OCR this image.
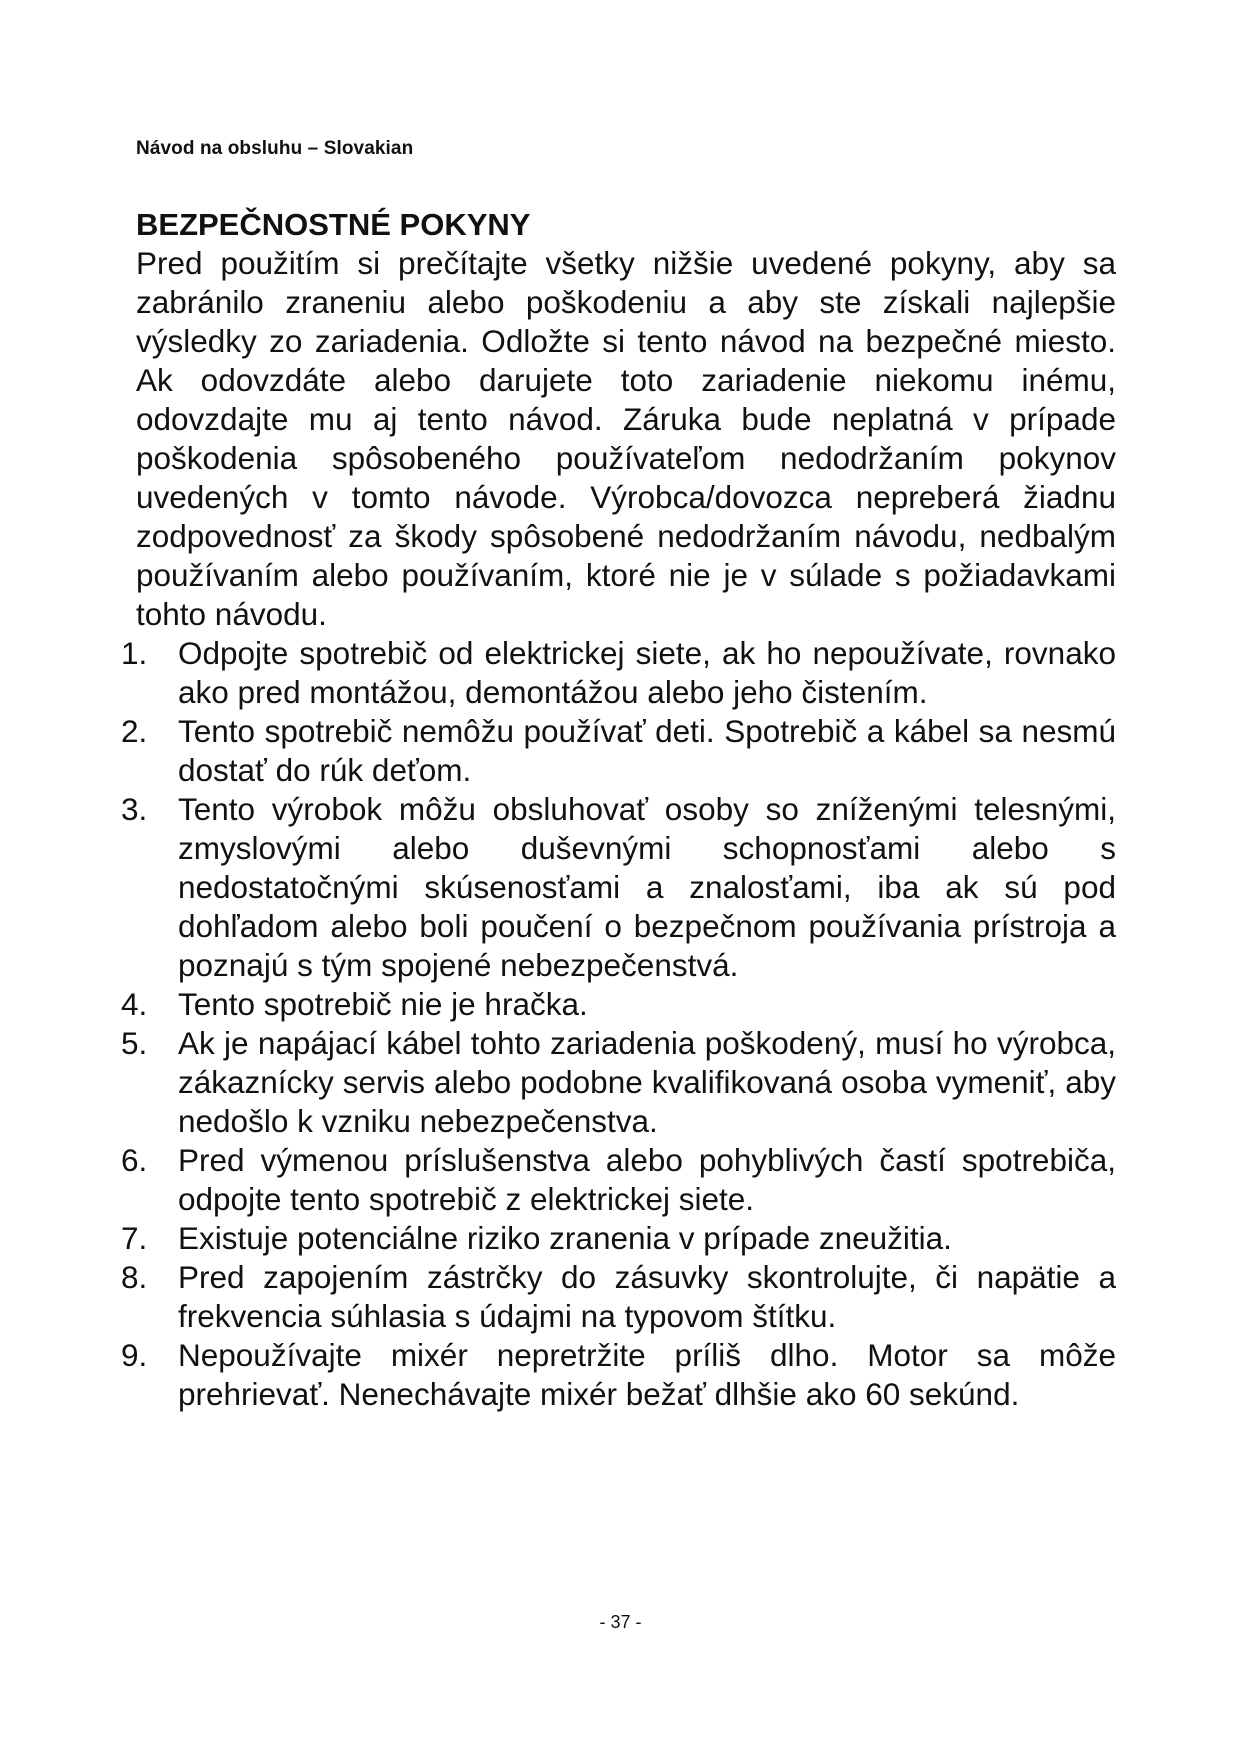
Návod na obsluhu – Slovakian
BEZPEČNOSTNÉ POKYNY

Pred použitím si prečítajte všetky nižšie uvedené pokyny, aby sa zabránilo zraneniu alebo poškodeniu a aby ste získali najlepšie výsledky zo zariadenia. Odložte si tento návod na bezpečné miesto. Ak odovzdáte alebo darujete toto zariadenie niekomu inému, odovzdajte mu aj tento návod. Záruka bude neplatná v prípade poškodenia spôsobeného používateľom nedodržaním pokynov uvedených v tomto návode. Výrobca/dovozca nepreberá žiadnu zodpovednosť za škody spôsobené nedodržaním návodu, nedbalým používaním alebo používaním, ktoré nie je v súlade s požiadavkami tohto návodu.

1. Odpojte spotrebič od elektrickej siete, ak ho nepoužívate, rovnako ako pred montážou, demontážou alebo jeho čistením.
2. Tento spotrebič nemôžu používať deti. Spotrebič a kábel sa nesmú dostať do rúk deťom.
3. Tento výrobok môžu obsluhovať osoby so zníženými telesnými, zmyslovými alebo duševnými schopnosťami alebo s nedostatočnými skúsenosťami a znalosťami, iba ak sú pod dohľadom alebo boli poučení o bezpečnom používania prístroja a poznajú s tým spojené nebezpečenstvá.
4. Tento spotrebič nie je hračka.
5. Ak je napájací kábel tohto zariadenia poškodený, musí ho výrobca, zákaznícky servis alebo podobne kvalifikovaná osoba vymeniť, aby nedošlo k vzniku nebezpečenstva.
6. Pred výmenou príslušenstva alebo pohyblivých častí spotrebiča, odpojte tento spotrebič z elektrickej siete.
7. Existuje potenciálne riziko zranenia v prípade zneužitia.
8. Pred zapojením zástrčky do zásuvky skontrolujte, či napätie a frekvencia súhlasia s údajmi na typovom štítku.
9. Nepoužívajte mixér nepretržite príliš dlho. Motor sa môže prehrievať. Nenechávajte mixér bežať dlhšie ako 60 sekúnd.
- 37 -
